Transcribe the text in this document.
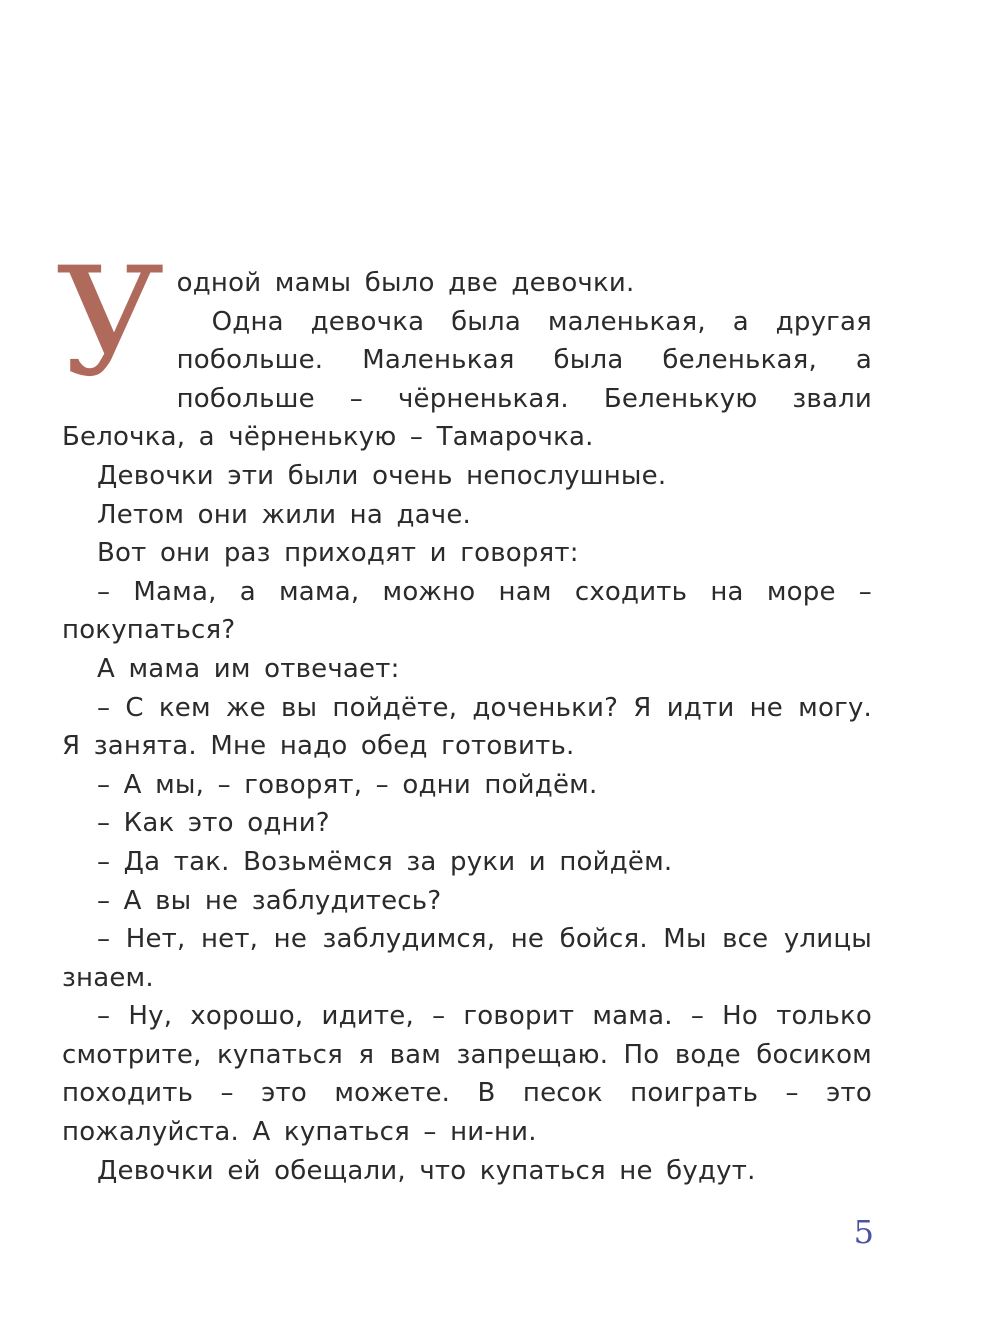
У одной мамы было две девочки.

Одна девочка была маленькая, а другая побольше. Маленькая была беленькая, а побольше – чёрненькая. Беленькую звали Белочка, а чёрненькую – Тамарочка.

Девочки эти были очень непослушные.

Летом они жили на даче.

Вот они раз приходят и говорят:

– Мама, а мама, можно нам сходить на море – покупаться?

А мама им отвечает:

– С кем же вы пойдёте, доченьки? Я идти не могу. Я занята. Мне надо обед готовить.

– А мы, – говорят, – одни пойдём.

– Как это одни?

– Да так. Возьмёмся за руки и пойдём.

– А вы не заблудитесь?

– Нет, нет, не заблудимся, не бойся. Мы все улицы знаем.

– Ну, хорошо, идите, – говорит мама. – Но только смотрите, купаться я вам запрещаю. По воде босиком походить – это можете. В песок поиграть – это пожалуйста. А купаться – ни-ни.

Девочки ей обещали, что купаться не будут.

5
